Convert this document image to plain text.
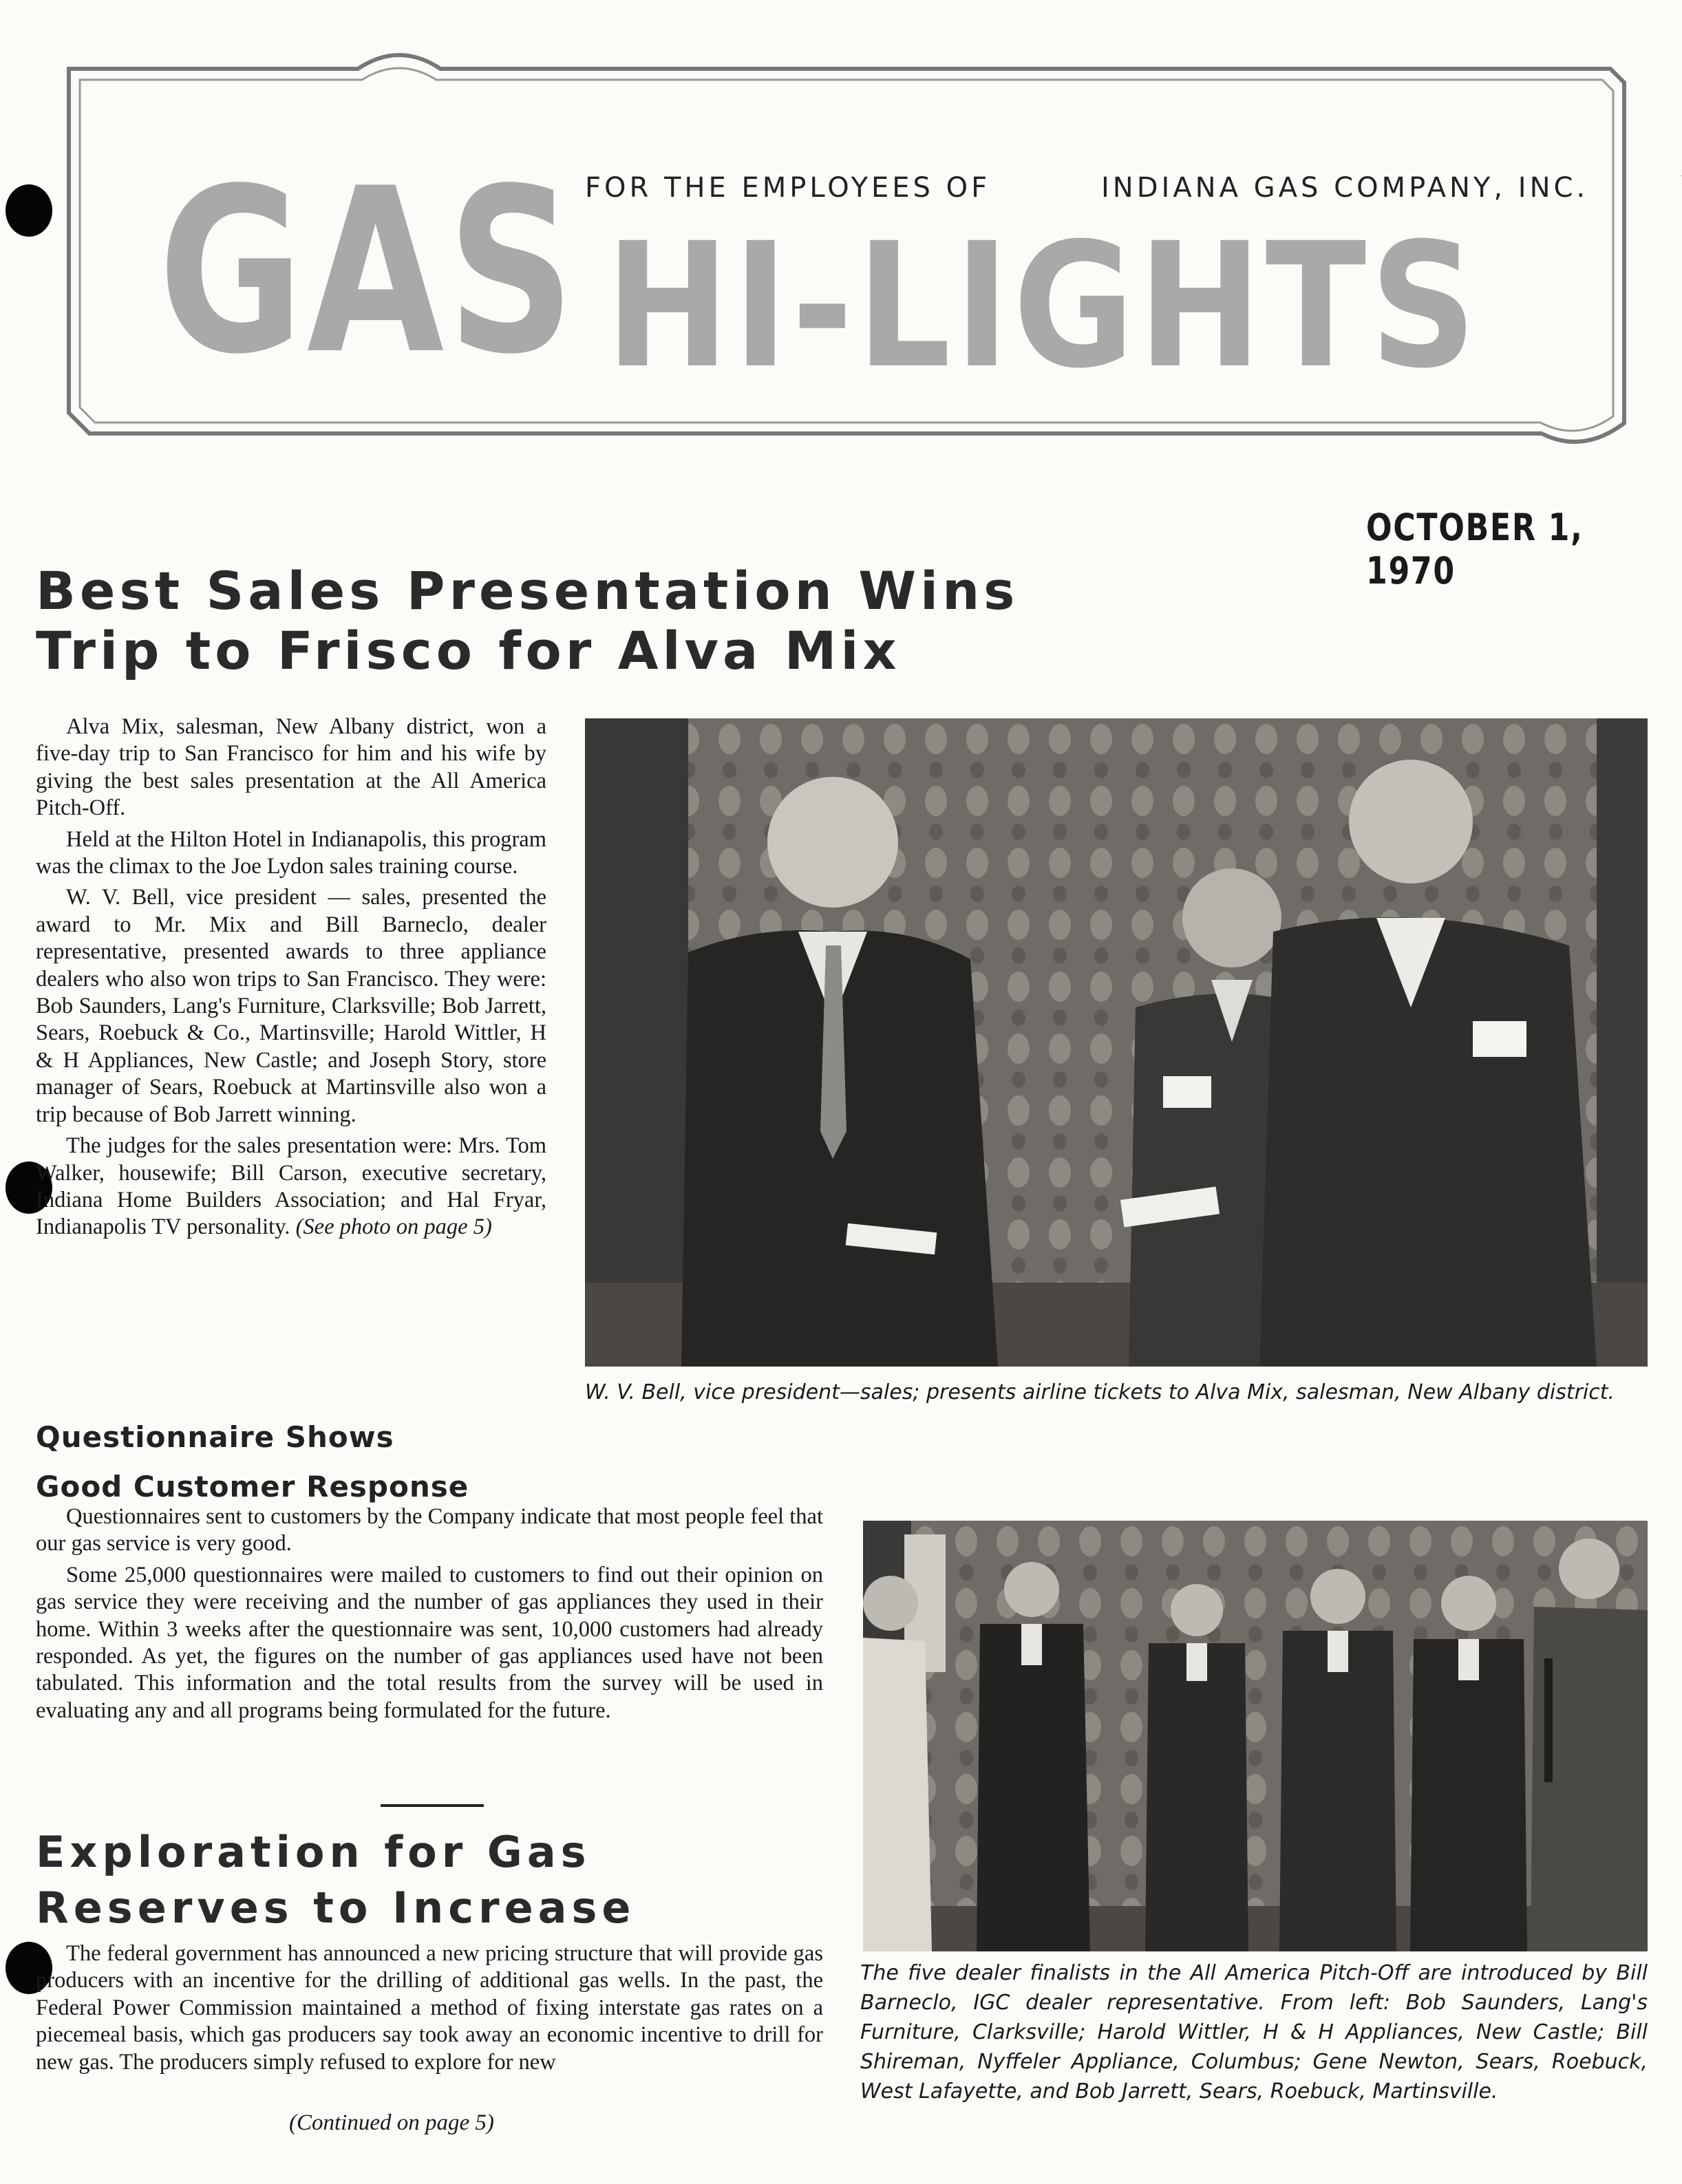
GAS HI-LIGHTS
FOR THE EMPLOYEES OF	INDIANA GAS COMPANY, INC.
OCTOBER 1, 1970
Best Sales Presentation Wins
Trip to Frisco for Alva Mix

Alva Mix, salesman, New Albany district, won a five-day trip to San Francisco for him and his wife by giving the best sales presentation at the All America Pitch-Off.

Held at the Hilton Hotel in Indianapolis, this program was the climax to the Joe Lydon sales training course.

W. V. Bell, vice president — sales, presented the award to Mr. Mix and Bill Barneclo, dealer representative, presented awards to three appliance dealers who also won trips to San Francisco. They were: Bob Saunders, Lang's Furniture, Clarksville; Bob Jarrett, Sears, Roebuck & Co., Martinsville; Harold Wittler, H & H Appliances, New Castle; and Joseph Story, store manager of Sears, Roebuck at Martinsville also won a trip because of Bob Jarrett winning.

The judges for the sales presentation were: Mrs. Tom Walker, housewife; Bill Carson, executive secretary, Indiana Home Builders Association; and Hal Fryar, Indianapolis TV personality. (See photo on page 5)

W. V. Bell, vice president—sales; presents airline tickets to Alva Mix, salesman, New Albany district.
Questionnaire Shows
Good Customer Response

Questionnaires sent to customers by the Company indicate that most people feel that our gas service is very good.

Some 25,000 questionnaires were mailed to customers to find out their opinion on gas service they were receiving and the number of gas appliances they used in their home. Within 3 weeks after the questionnaire was sent, 10,000 customers had already responded. As yet, the figures on the number of gas appliances used have not been tabulated. This information and the total results from the survey will be used in evaluating any and all programs being formulated for the future.

The five dealer finalists in the All America Pitch-Off are introduced by Bill Barneclo, IGC dealer representative. From left: Bob Saunders, Lang's Furniture, Clarksville; Harold Wittler, H & H Appliances, New Castle; Bill Shireman, Nyffeler Appliance, Columbus; Gene Newton, Sears, Roebuck, West Lafayette, and Bob Jarrett, Sears, Roebuck, Martinsville.
Exploration for Gas
Reserves to Increase

The federal government has announced a new pricing structure that will provide gas producers with an incentive for the drilling of additional gas wells. In the past, the Federal Power Commission maintained a method of fixing interstate gas rates on a piecemeal basis, which gas producers say took away an economic incentive to drill for new gas. The producers simply refused to explore for new

(Continued on page 5)
